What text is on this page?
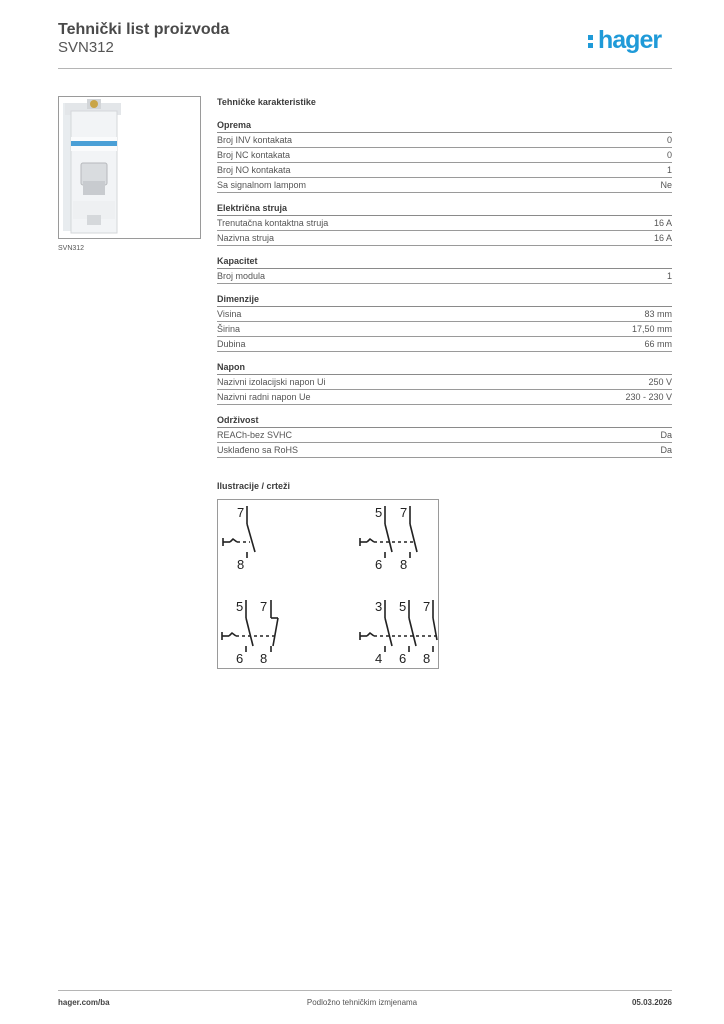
Tehnički list proizvoda
SVN312	hager
SVN312
Tehničke karakteristike
Oprema
Broj INV kontakata	0
Broj NC kontakata	0
Broj NO kontakata	1
Sa signalnom lampom	Ne
Električna struja
Trenutačna kontaktna struja	16 A
Nazivna struja	16 A
Kapacitet
Broj modula	1
Dimenzije
Visina	83 mm
Širina	17,50 mm
Dubina	66 mm
Napon
Nazivni izolacijski napon Ui	250 V
Nazivni radni napon Ue	230 - 230 V
Održivost
REACh-bez SVHC	Da
Usklađeno sa RoHS	Da
Ilustracije / crteži
7
8
5 7
6 8
5 7
6 8
3 5 7
4 6 8
hager.com/ba	Podložno tehničkim izmjenama	05.03.2026
